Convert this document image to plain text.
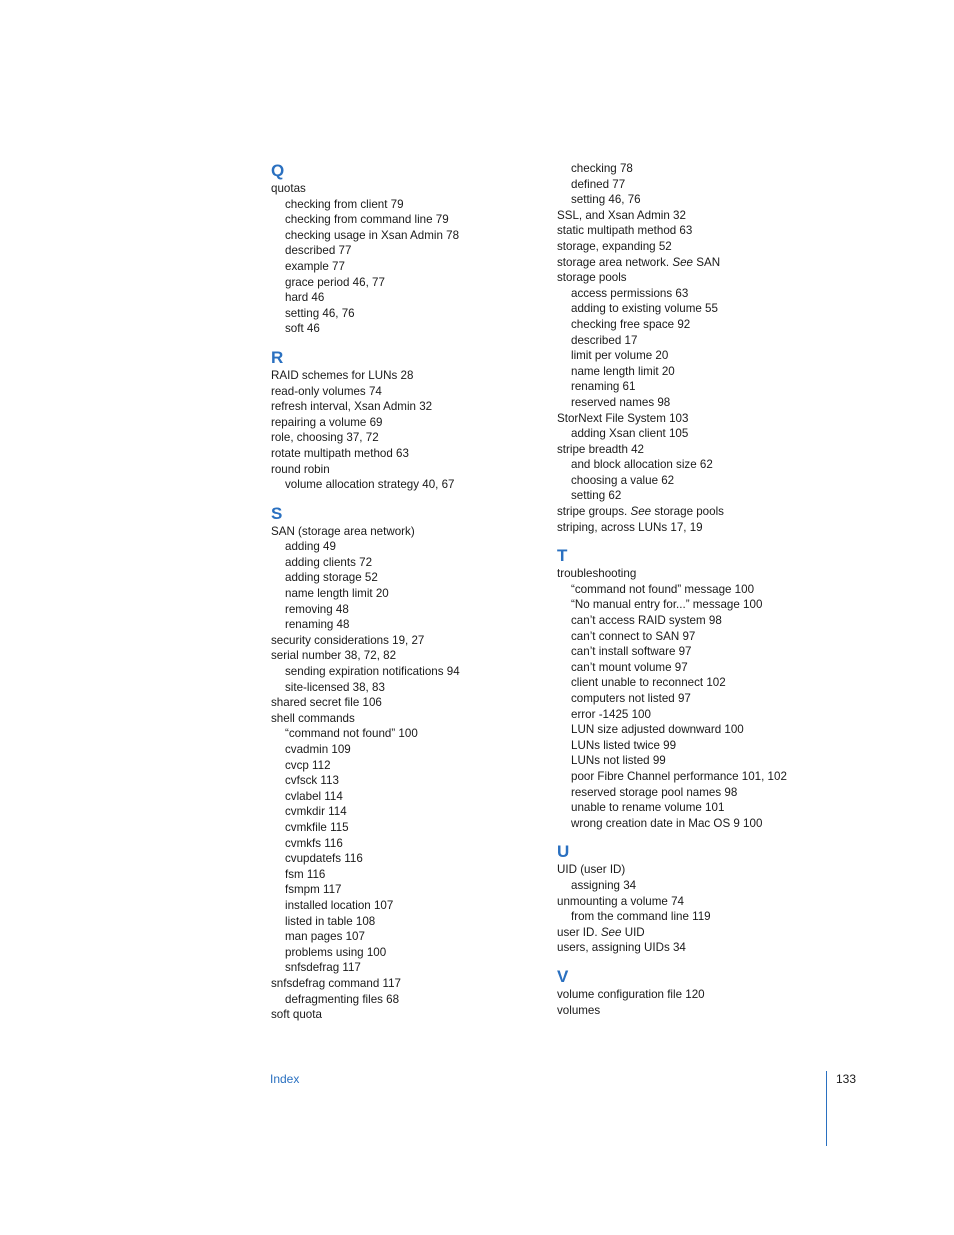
Q
quotas
checking from client 79
checking from command line 79
checking usage in Xsan Admin 78
described 77
example 77
grace period 46, 77
hard 46
setting 46, 76
soft 46
R
RAID schemes for LUNs 28
read-only volumes 74
refresh interval, Xsan Admin 32
repairing a volume 69
role, choosing 37, 72
rotate multipath method 63
round robin
volume allocation strategy 40, 67
S
SAN (storage area network)
adding 49
adding clients 72
adding storage 52
name length limit 20
removing 48
renaming 48
security considerations 19, 27
serial number 38, 72, 82
sending expiration notifications 94
site-licensed 38, 83
shared secret file 106
shell commands
“command not found” 100
cvadmin 109
cvcp 112
cvfsck 113
cvlabel 114
cvmkdir 114
cvmkfile 115
cvmkfs 116
cvupdatefs 116
fsm 116
fsmpm 117
installed location 107
listed in table 108
man pages 107
problems using 100
snfsdefrag 117
snfsdefrag command 117
defragmenting files 68
soft quota
checking 78
defined 77
setting 46, 76
SSL, and Xsan Admin 32
static multipath method 63
storage, expanding 52
storage area network. See SAN
storage pools
access permissions 63
adding to existing volume 55
checking free space 92
described 17
limit per volume 20
name length limit 20
renaming 61
reserved names 98
StorNext File System 103
adding Xsan client 105
stripe breadth 42
and block allocation size 62
choosing a value 62
setting 62
stripe groups. See storage pools
striping, across LUNs 17, 19
T
troubleshooting
“command not found” message 100
“No manual entry for...” message 100
can’t access RAID system 98
can’t connect to SAN 97
can’t install software 97
can’t mount volume 97
client unable to reconnect 102
computers not listed 97
error -1425 100
LUN size adjusted downward 100
LUNs listed twice 99
LUNs not listed 99
poor Fibre Channel performance 101, 102
reserved storage pool names 98
unable to rename volume 101
wrong creation date in Mac OS 9 100
U
UID (user ID)
assigning 34
unmounting a volume 74
from the command line 119
user ID. See UID
users, assigning UIDs 34
V
volume configuration file 120
volumes
Index	133
